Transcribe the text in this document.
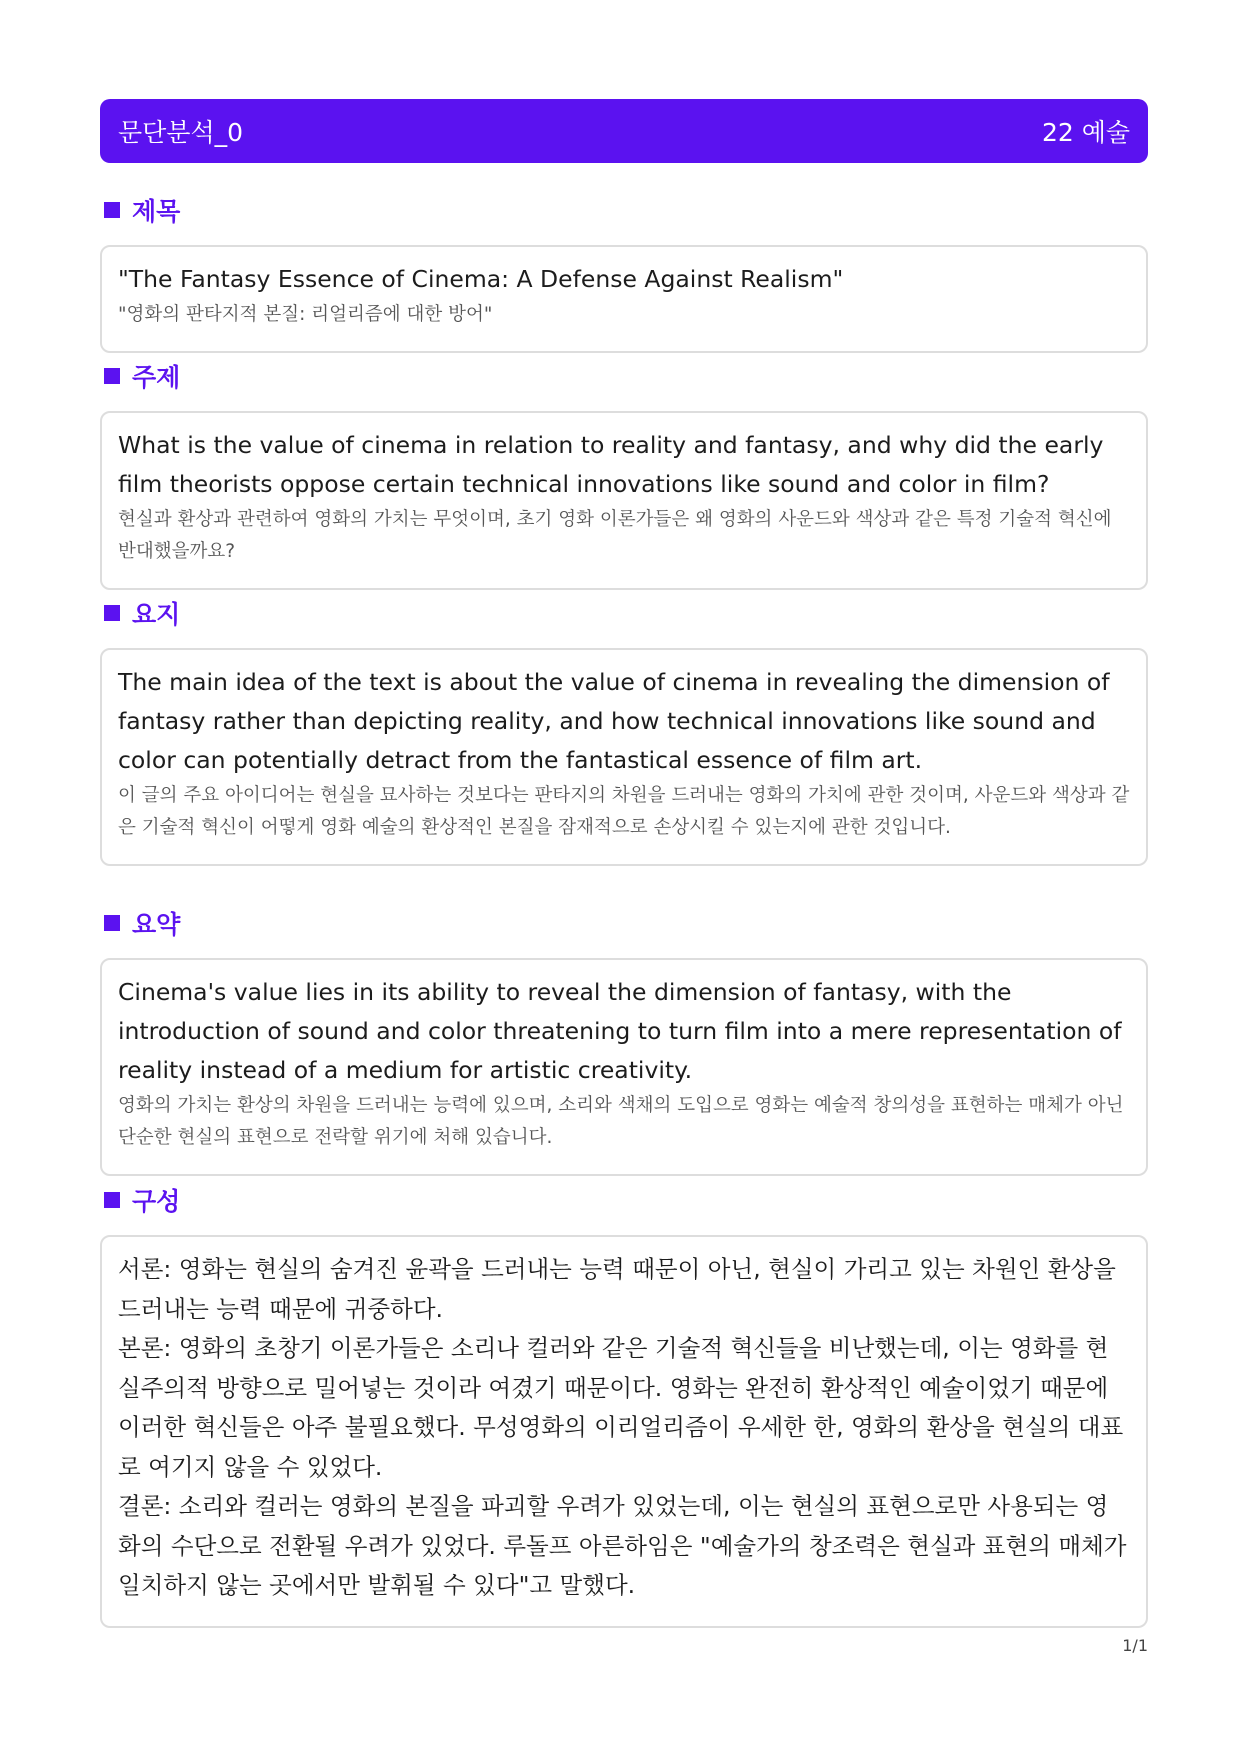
문단분석_0	22 예술
제목
"The Fantasy Essence of Cinema: A Defense Against Realism"
"영화의 판타지적 본질: 리얼리즘에 대한 방어"
주제
What is the value of cinema in relation to reality and fantasy, and why did the early film theorists oppose certain technical innovations like sound and color in film?
현실과 환상과 관련하여 영화의 가치는 무엇이며, 초기 영화 이론가들은 왜 영화의 사운드와 색상과 같은 특정 기술적 혁신에 반대했을까요?
요지
The main idea of the text is about the value of cinema in revealing the dimension of fantasy rather than depicting reality, and how technical innovations like sound and color can potentially detract from the fantastical essence of film art.
이 글의 주요 아이디어는 현실을 묘사하는 것보다는 판타지의 차원을 드러내는 영화의 가치에 관한 것이며, 사운드와 색상과 같은 기술적 혁신이 어떻게 영화 예술의 환상적인 본질을 잠재적으로 손상시킬 수 있는지에 관한 것입니다.
요약
Cinema's value lies in its ability to reveal the dimension of fantasy, with the introduction of sound and color threatening to turn film into a mere representation of reality instead of a medium for artistic creativity.
영화의 가치는 환상의 차원을 드러내는 능력에 있으며, 소리와 색채의 도입으로 영화는 예술적 창의성을 표현하는 매체가 아닌 단순한 현실의 표현으로 전락할 위기에 처해 있습니다.
구성
서론: 영화는 현실의 숨겨진 윤곽을 드러내는 능력 때문이 아닌, 현실이 가리고 있는 차원인 환상을 드러내는 능력 때문에 귀중하다.
본론: 영화의 초창기 이론가들은 소리나 컬러와 같은 기술적 혁신들을 비난했는데, 이는 영화를 현실주의적 방향으로 밀어넣는 것이라 여겼기 때문이다. 영화는 완전히 환상적인 예술이었기 때문에 이러한 혁신들은 아주 불필요했다. 무성영화의 이리얼리즘이 우세한 한, 영화의 환상을 현실의 대표로 여기지 않을 수 있었다.
결론: 소리와 컬러는 영화의 본질을 파괴할 우려가 있었는데, 이는 현실의 표현으로만 사용되는 영화의 수단으로 전환될 우려가 있었다. 루돌프 아른하임은 "예술가의 창조력은 현실과 표현의 매체가 일치하지 않는 곳에서만 발휘될 수 있다"고 말했다.
1/1
